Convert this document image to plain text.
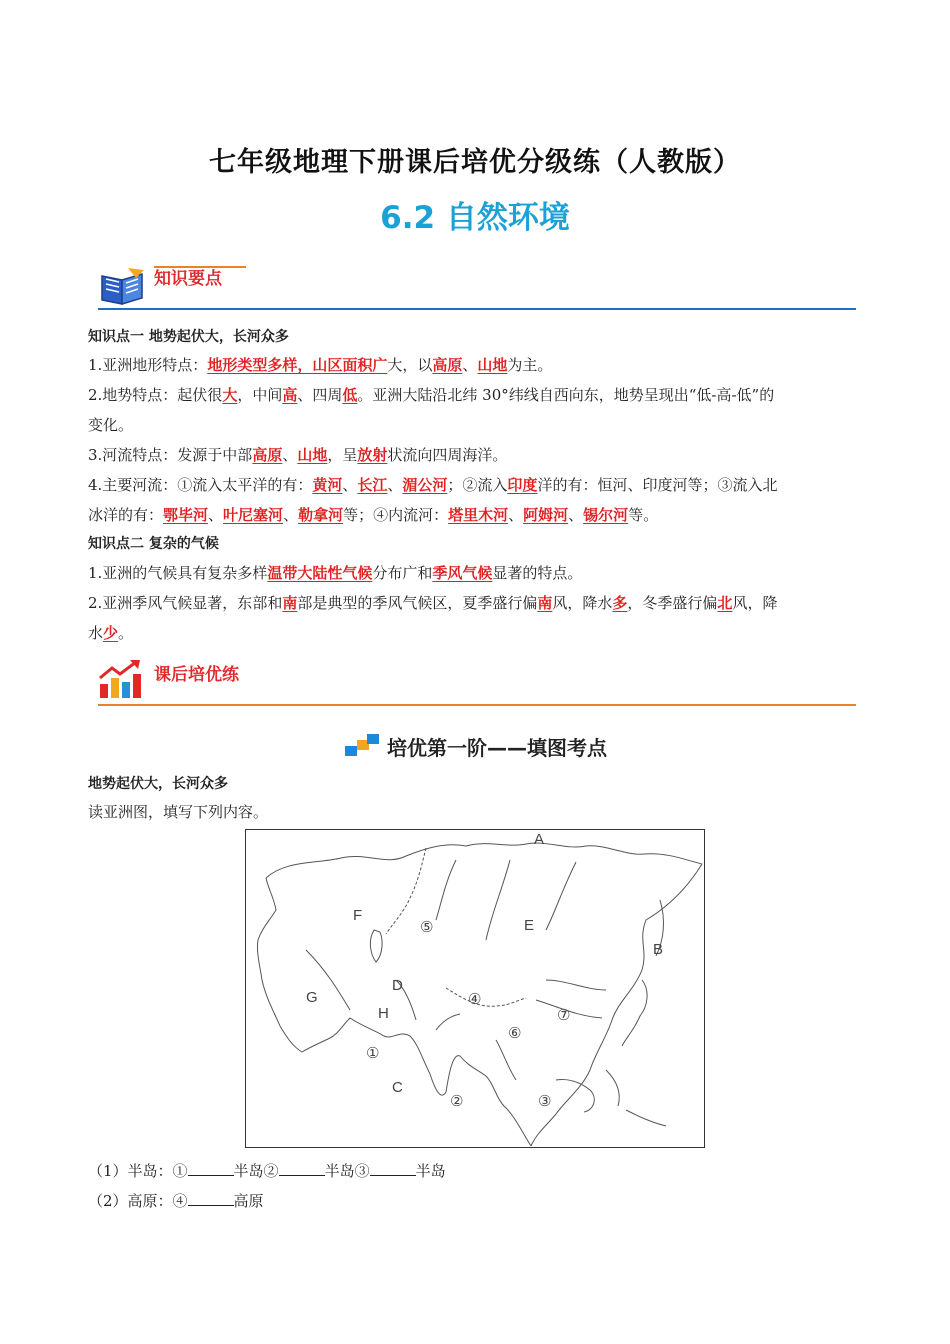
七年级地理下册课后培优分级练（人教版）
6.2 自然环境
知识要点
知识点一 地势起伏大，长河众多
1.亚洲地形特点：地形类型多样，山区面积广大，以高原、山地为主。
2.地势特点：起伏很大，中间高、四周低。亚洲大陆沿北纬 30°纬线自西向东，地势呈现出“低-高-低”的
变化。
3.河流特点：发源于中部高原、山地，呈放射状流向四周海洋。
4.主要河流：①流入太平洋的有：黄河、长江、湄公河；②流入印度洋的有：恒河、印度河等；③流入北
冰洋的有：鄂毕河、叶尼塞河、勒拿河等；④内流河：塔里木河、阿姆河、锡尔河等。
知识点二 复杂的气候
1.亚洲的气候具有复杂多样温带大陆性气候分布广和季风气候显著的特点。
2.亚洲季风气候显著，东部和南部是典型的季风气候区，夏季盛行偏南风，降水多，冬季盛行偏北风，降
水少。
课后培优练
培优第一阶——填图考点
地势起伏大，长河众多
读亚洲图，填写下列内容。
A
B
C
D
E
F
G
H
①
②	③
④
⑤
⑥
⑦
（1）半岛：①	半岛②	半岛③	半岛
（2）高原：④	高原
